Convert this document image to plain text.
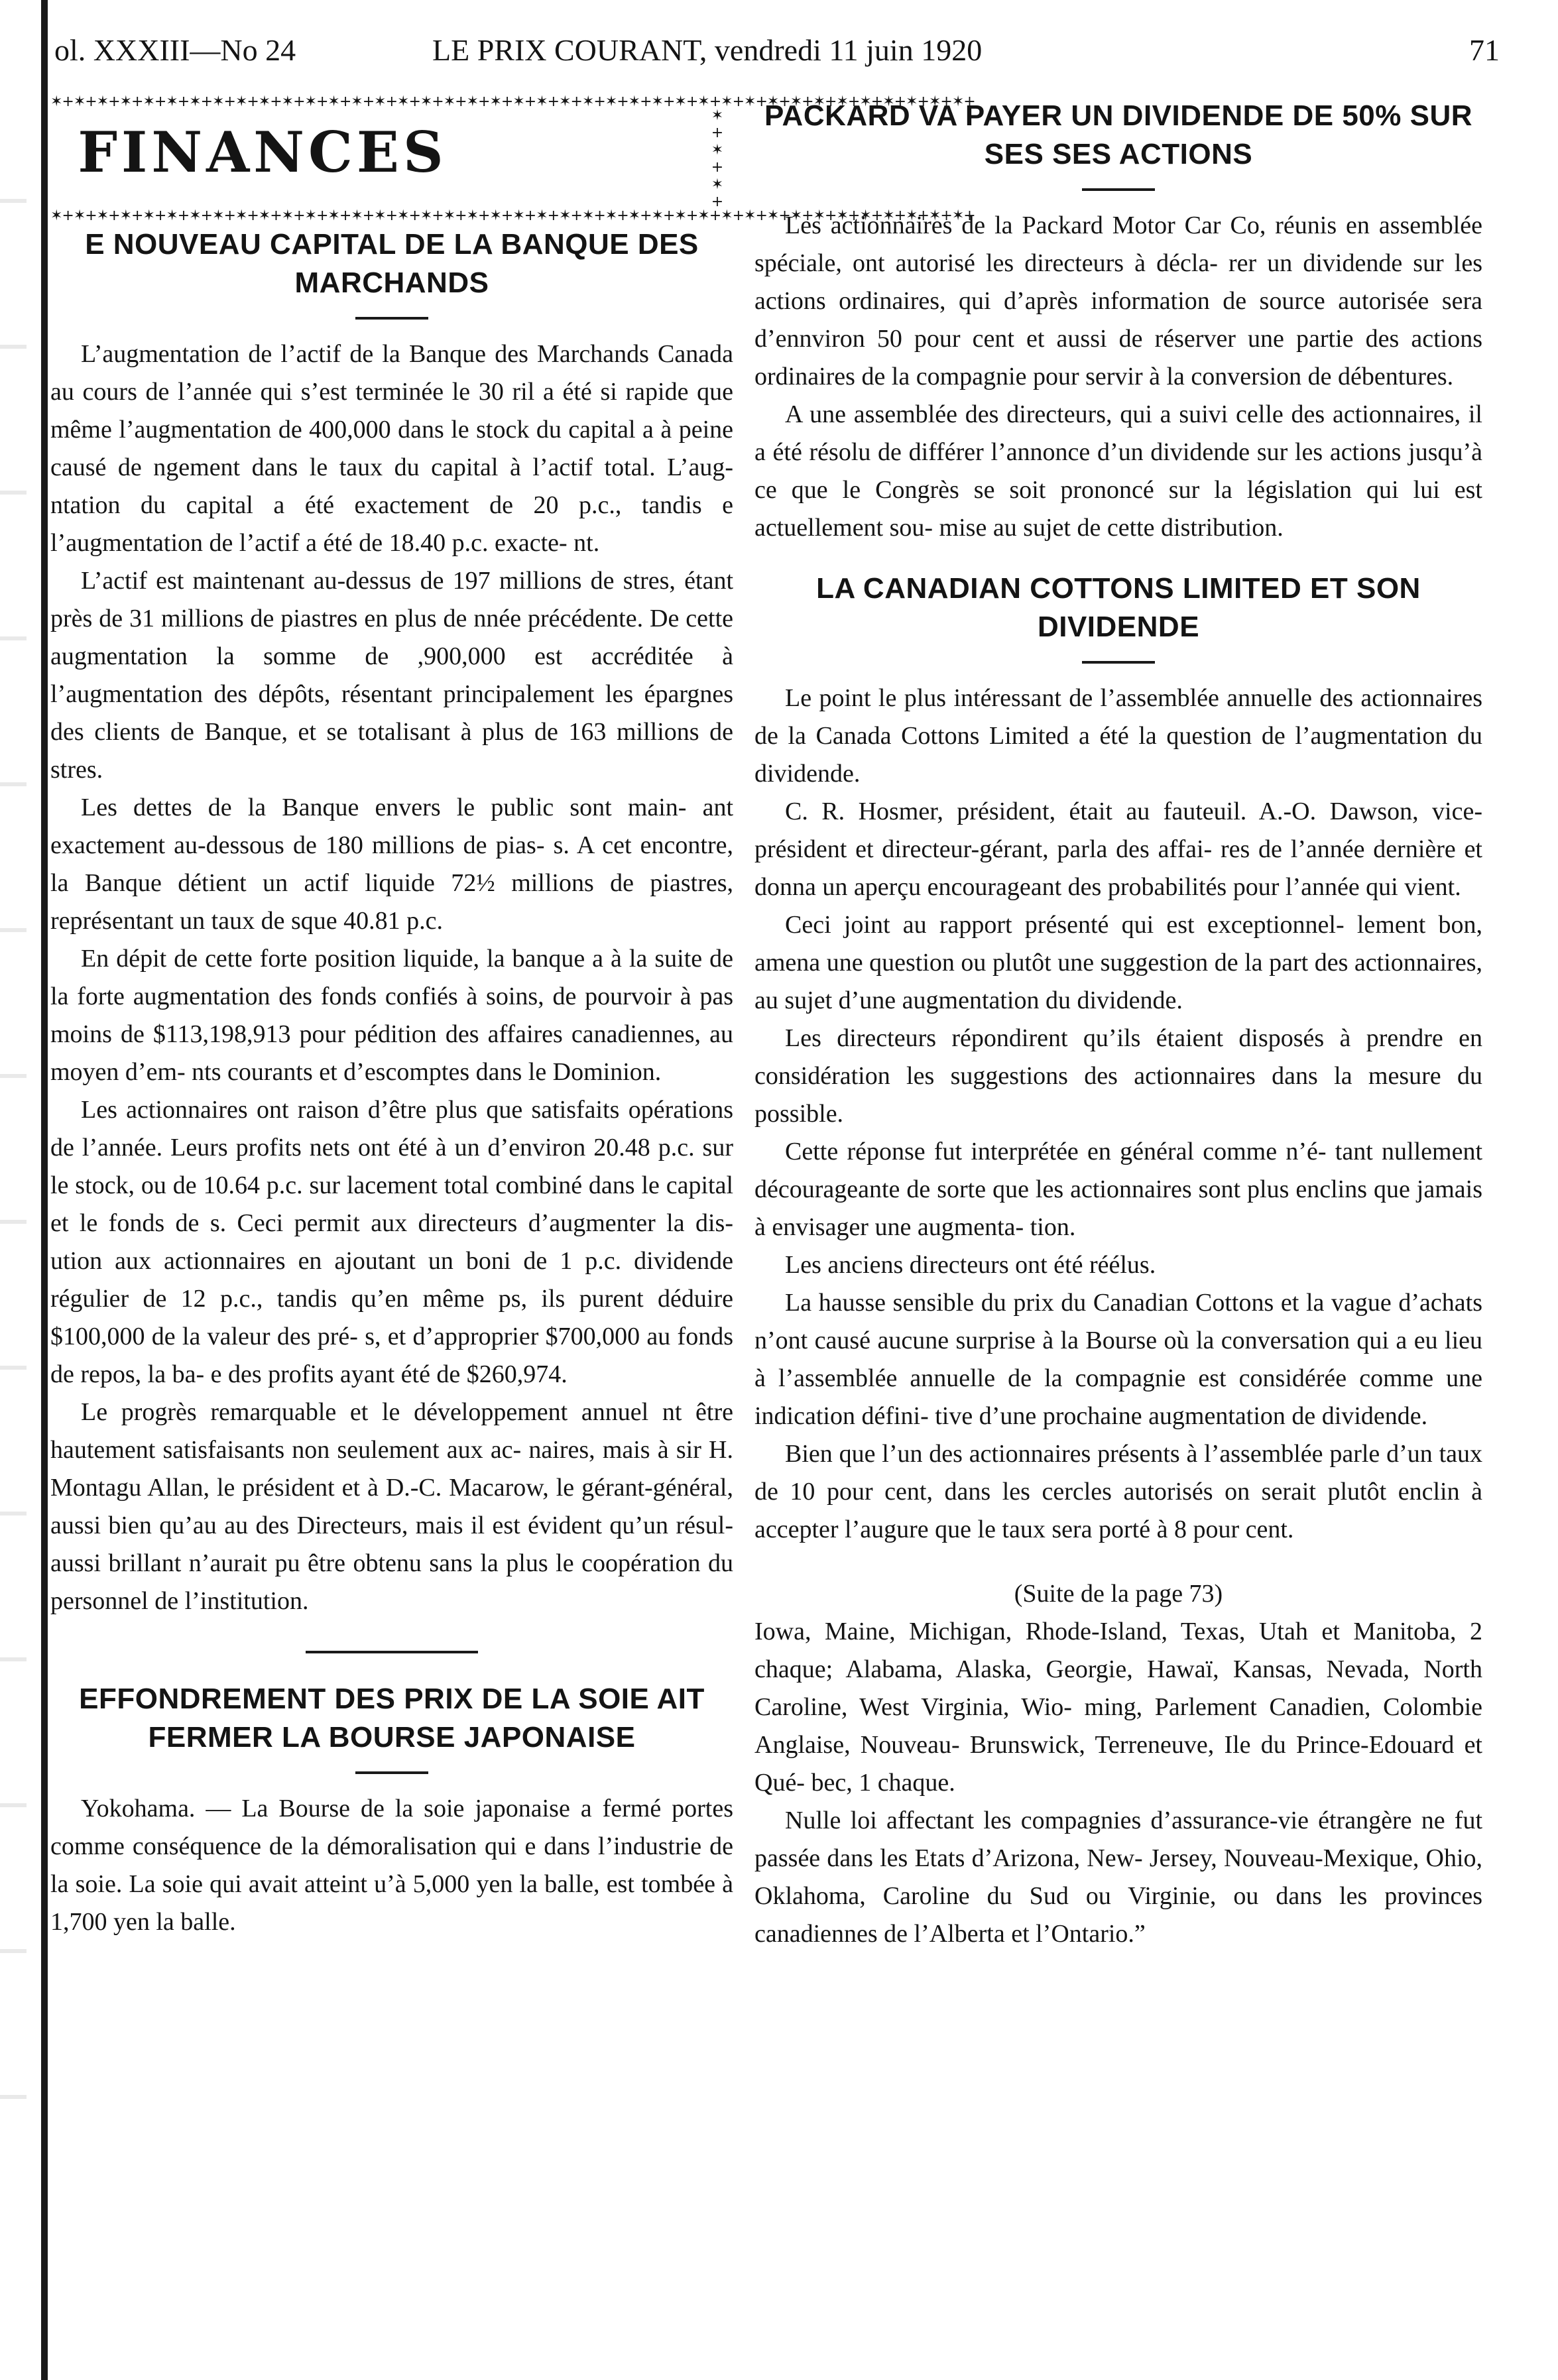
ol. XXXIII—No 24	LE PRIX COURANT, vendredi 11 juin 1920	71
✶+✶+✶+✶+✶+✶+✶+✶+✶+✶+✶+✶+✶+✶+✶+✶+✶+✶+✶+✶+✶+✶+✶+✶+✶+✶+✶+✶+✶+✶+✶+✶+✶+✶+✶+✶+✶+✶+✶+✶+
✶
+
✶
+
✶
+
FINANCES
✶+✶+✶+✶+✶+✶+✶+✶+✶+✶+✶+✶+✶+✶+✶+✶+✶+✶+✶+✶+✶+✶+✶+✶+✶+✶+✶+✶+✶+✶+✶+✶+✶+✶+✶+✶+✶+✶+✶+✶+
E NOUVEAU CAPITAL DE LA BANQUE DES MARCHANDS

L’augmentation de l’actif de la Banque des Marchands Canada au cours de l’année qui s’est terminée le 30 ril a été si rapide que même l’augmentation de 400,000 dans le stock du capital a à peine causé de ngement dans le taux du capital à l’actif total. L’aug- ntation du capital a été exactement de 20 p.c., tandis e l’augmentation de l’actif a été de 18.40 p.c. exacte- nt.

L’actif est maintenant au-dessus de 197 millions de stres, étant près de 31 millions de piastres en plus de nnée précédente. De cette augmentation la somme de ,900,000 est accréditée à l’augmentation des dépôts, résentant principalement les épargnes des clients de Banque, et se totalisant à plus de 163 millions de stres.

Les dettes de la Banque envers le public sont main- ant exactement au-dessous de 180 millions de pias- s. A cet encontre, la Banque détient un actif liquide 72½ millions de piastres, représentant un taux de sque 40.81 p.c.

En dépit de cette forte position liquide, la banque a à la suite de la forte augmentation des fonds confiés à soins, de pourvoir à pas moins de $113,198,913 pour pédition des affaires canadiennes, au moyen d’em- nts courants et d’escomptes dans le Dominion.

Les actionnaires ont raison d’être plus que satisfaits opérations de l’année. Leurs profits nets ont été à un d’environ 20.48 p.c. sur le stock, ou de 10.64 p.c. sur lacement total combiné dans le capital et le fonds de s. Ceci permit aux directeurs d’augmenter la dis- ution aux actionnaires en ajoutant un boni de 1 p.c. dividende régulier de 12 p.c., tandis qu’en même ps, ils purent déduire $100,000 de la valeur des pré- s, et d’approprier $700,000 au fonds de repos, la ba- e des profits ayant été de $260,974.

Le progrès remarquable et le développement annuel nt être hautement satisfaisants non seulement aux ac- naires, mais à sir H. Montagu Allan, le président et à D.-C. Macarow, le gérant-général, aussi bien qu’au au des Directeurs, mais il est évident qu’un résul- aussi brillant n’aurait pu être obtenu sans la plus le coopération du personnel de l’institution.

EFFONDREMENT DES PRIX DE LA SOIE AIT FERMER LA BOURSE JAPONAISE

Yokohama. — La Bourse de la soie japonaise a fermé portes comme conséquence de la démoralisation qui e dans l’industrie de la soie. La soie qui avait atteint u’à 5,000 yen la balle, est tombée à 1,700 yen la balle.

PACKARD VA PAYER UN DIVIDENDE DE 50% SUR SES SES ACTIONS

Les actionnaires de la Packard Motor Car Co, réunis en assemblée spéciale, ont autorisé les directeurs à décla- rer un dividende sur les actions ordinaires, qui d’après information de source autorisée sera d’ennviron 50 pour cent et aussi de réserver une partie des actions ordinaires de la compagnie pour servir à la conversion de débentures.

A une assemblée des directeurs, qui a suivi celle des actionnaires, il a été résolu de différer l’annonce d’un dividende sur les actions jusqu’à ce que le Congrès se soit prononcé sur la législation qui lui est actuellement sou- mise au sujet de cette distribution.

LA CANADIAN COTTONS LIMITED ET SON DIVIDENDE

Le point le plus intéressant de l’assemblée annuelle des actionnaires de la Canada Cottons Limited a été la question de l’augmentation du dividende.

C. R. Hosmer, président, était au fauteuil. A.-O. Dawson, vice-président et directeur-gérant, parla des affai- res de l’année dernière et donna un aperçu encourageant des probabilités pour l’année qui vient.

Ceci joint au rapport présenté qui est exceptionnel- lement bon, amena une question ou plutôt une suggestion de la part des actionnaires, au sujet d’une augmentation du dividende.

Les directeurs répondirent qu’ils étaient disposés à prendre en considération les suggestions des actionnaires dans la mesure du possible.

Cette réponse fut interprétée en général comme n’é- tant nullement décourageante de sorte que les actionnaires sont plus enclins que jamais à envisager une augmenta- tion.

Les anciens directeurs ont été réélus.

La hausse sensible du prix du Canadian Cottons et la vague d’achats n’ont causé aucune surprise à la Bourse où la conversation qui a eu lieu à l’assemblée annuelle de la compagnie est considérée comme une indication défini- tive d’une prochaine augmentation de dividende.

Bien que l’un des actionnaires présents à l’assemblée parle d’un taux de 10 pour cent, dans les cercles autorisés on serait plutôt enclin à accepter l’augure que le taux sera porté à 8 pour cent.

(Suite de la page 73)

Iowa, Maine, Michigan, Rhode-Island, Texas, Utah et Manitoba, 2 chaque; Alabama, Alaska, Georgie, Hawaï, Kansas, Nevada, North Caroline, West Virginia, Wio- ming, Parlement Canadien, Colombie Anglaise, Nouveau- Brunswick, Terreneuve, Ile du Prince-Edouard et Qué- bec, 1 chaque.

Nulle loi affectant les compagnies d’assurance-vie étrangère ne fut passée dans les Etats d’Arizona, New- Jersey, Nouveau-Mexique, Ohio, Oklahoma, Caroline du Sud ou Virginie, ou dans les provinces canadiennes de l’Alberta et l’Ontario.”
